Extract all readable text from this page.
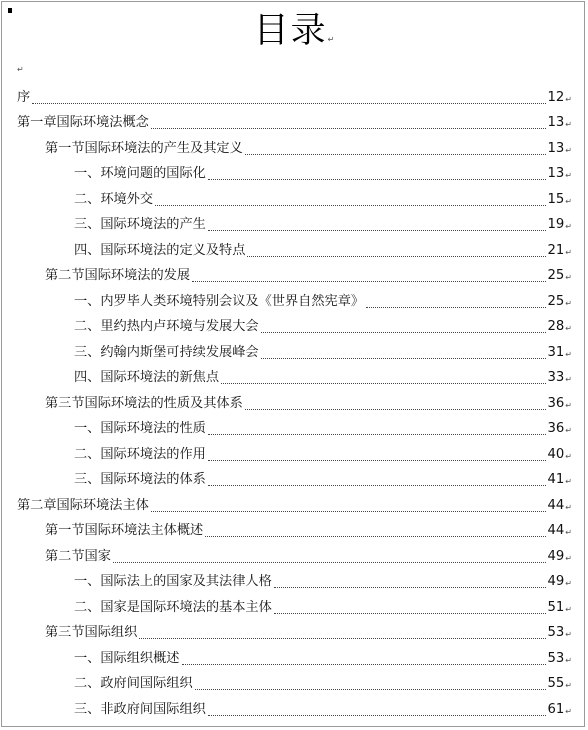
目录↵
↵
序	12 ↵
第一章国际环境法概念	13 ↵
第一节国际环境法的产生及其定义	13 ↵
一、环境问题的国际化	13 ↵
二、环境外交	15 ↵
三、国际环境法的产生	19 ↵
四、国际环境法的定义及特点	21 ↵
第二节国际环境法的发展	25 ↵
一、内罗毕人类环境特别会议及《世界自然宪章》	25 ↵
二、里约热内卢环境与发展大会	28 ↵
三、约翰内斯堡可持续发展峰会	31 ↵
四、国际环境法的新焦点	33 ↵
第三节国际环境法的性质及其体系	36 ↵
一、国际环境法的性质	36 ↵
二、国际环境法的作用	40 ↵
三、国际环境法的体系	41 ↵
第二章国际环境法主体	44 ↵
第一节国际环境法主体概述	44 ↵
第二节国家	49 ↵
一、国际法上的国家及其法律人格	49 ↵
二、国家是国际环境法的基本主体	51 ↵
第三节国际组织	53 ↵
一、国际组织概述	53 ↵
二、政府间国际组织	55 ↵
三、非政府间国际组织	61 ↵
